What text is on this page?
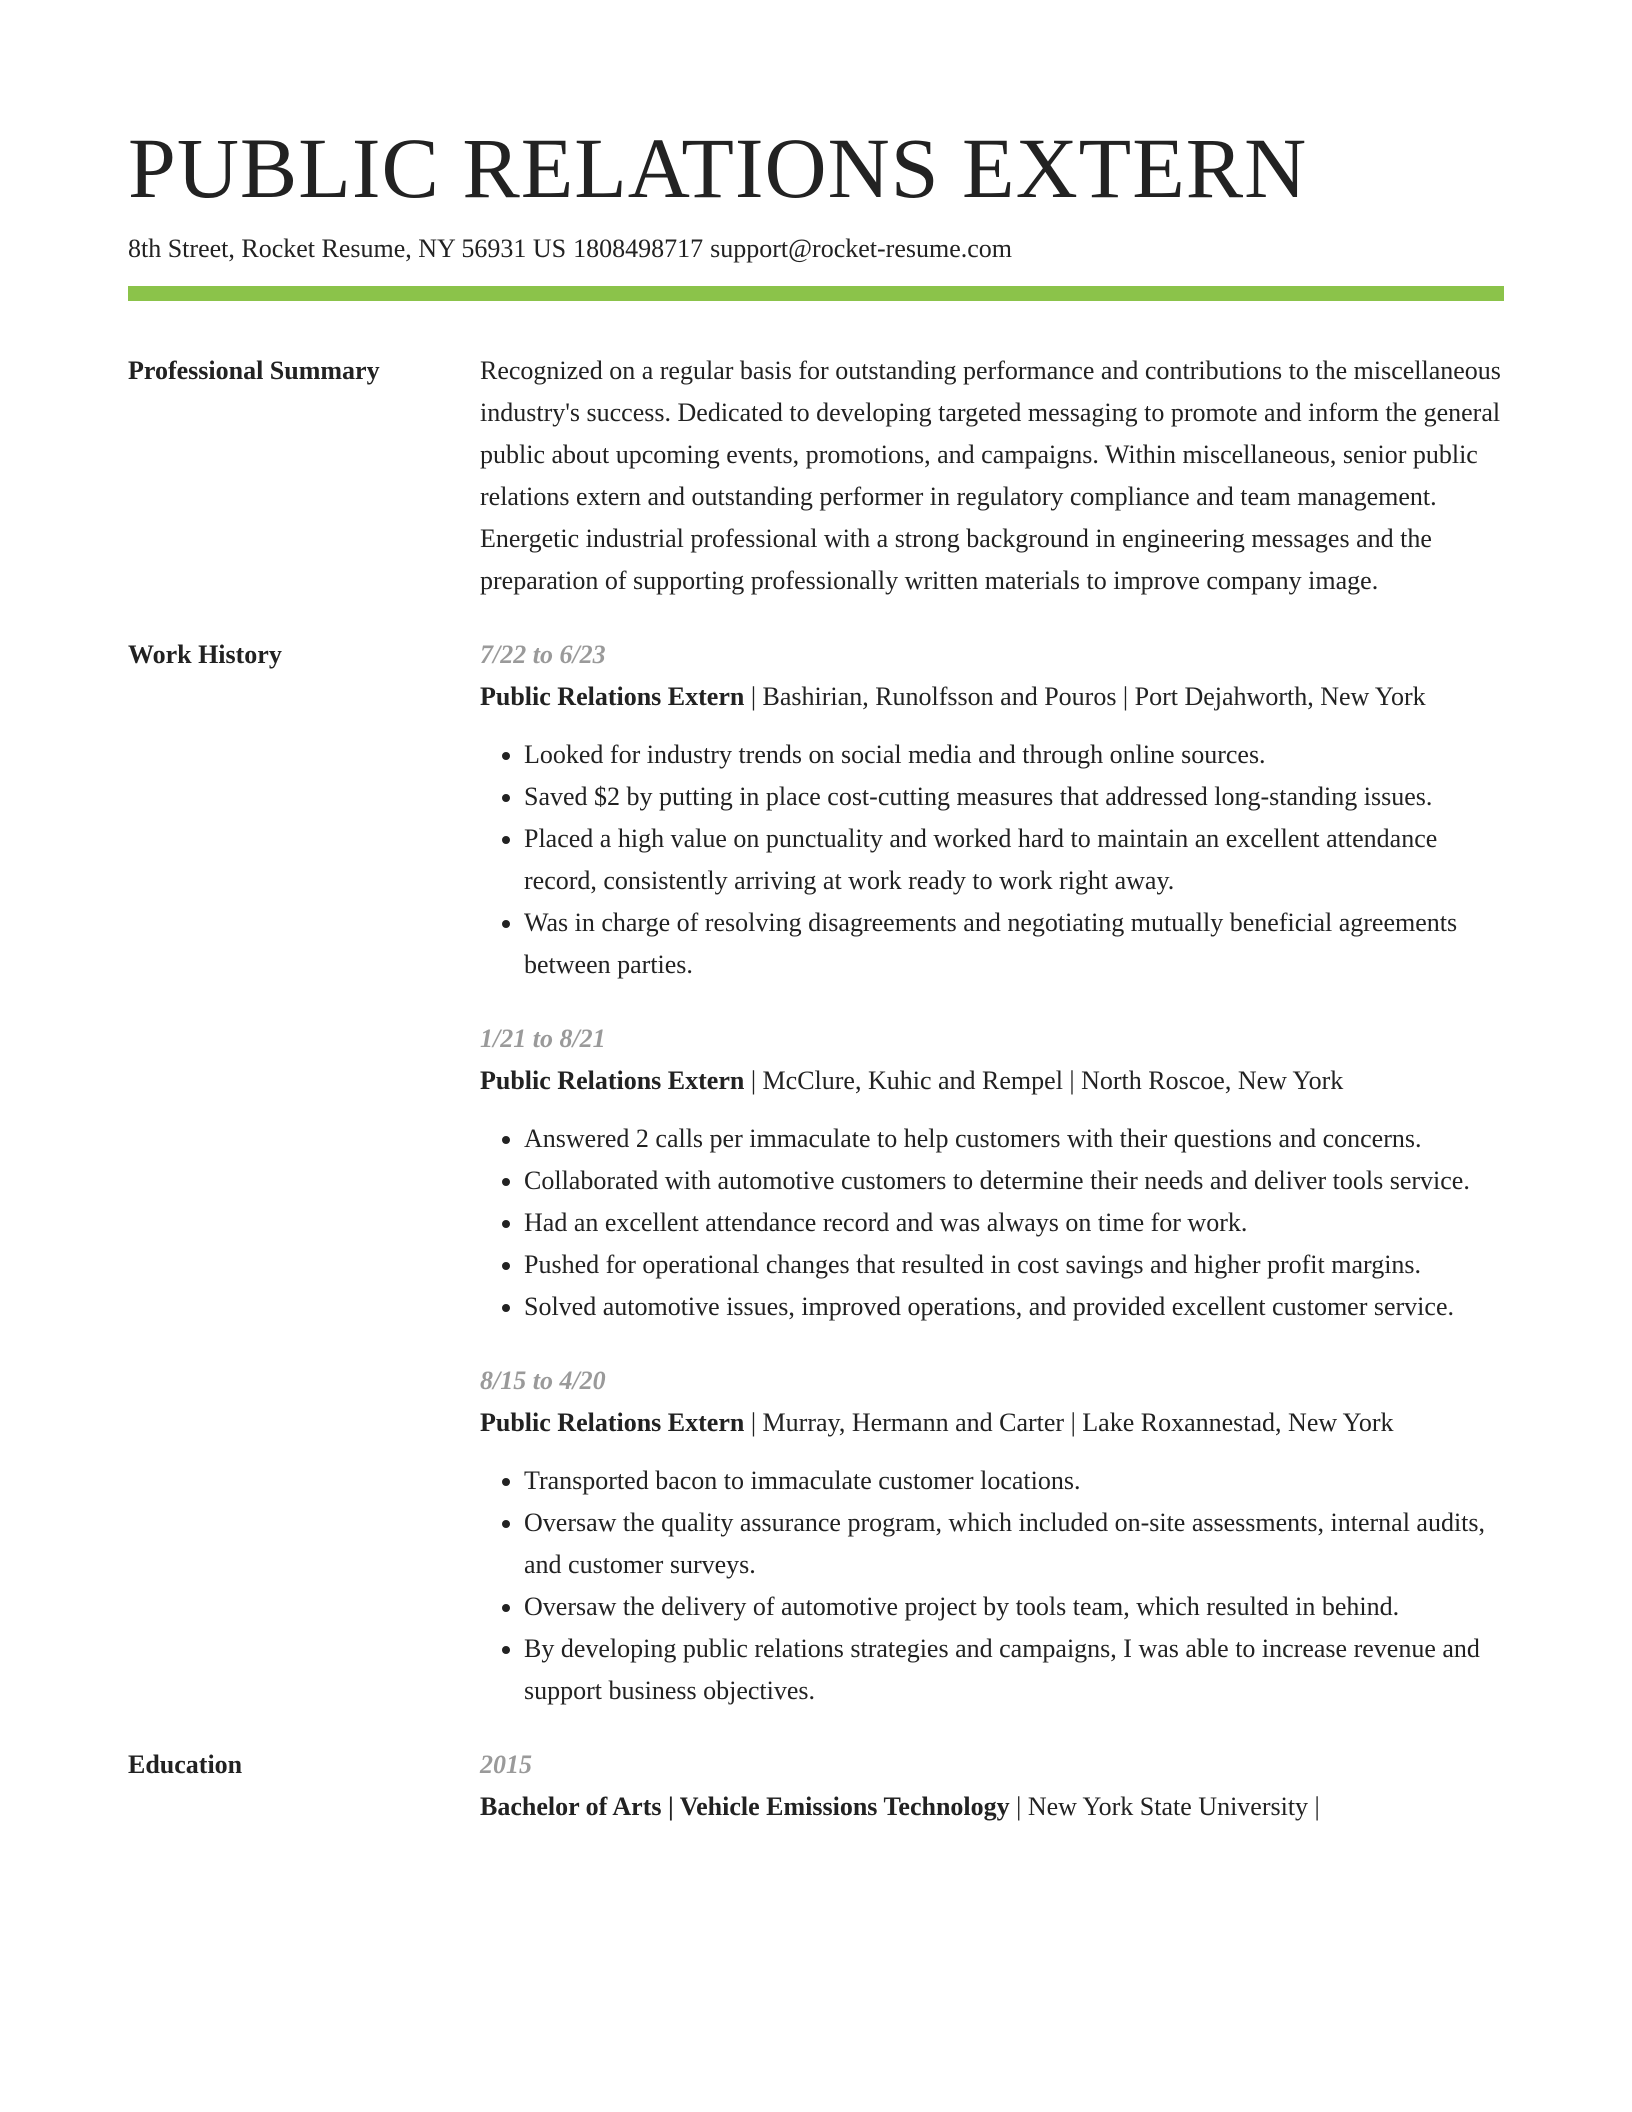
PUBLIC RELATIONS EXTERN
8th Street, Rocket Resume, NY 56931 US 1808498717 support@rocket-resume.com
Professional Summary	Recognized on a regular basis for outstanding performance and contributions to the miscellaneous industry's success. Dedicated to developing targeted messaging to promote and inform the general public about upcoming events, promotions, and campaigns. Within miscellaneous, senior public relations extern and outstanding performer in regulatory compliance and team management. Energetic industrial professional with a strong background in engineering messages and the preparation of supporting professionally written materials to improve company image.

Work History	7/22 to 6/23

Public Relations Extern | Bashirian, Runolfsson and Pouros | Port Dejahworth, New York

• Looked for industry trends on social media and through online sources.
• Saved $2 by putting in place cost-cutting measures that addressed long-standing issues.
• Placed a high value on punctuality and worked hard to maintain an excellent attendance record, consistently arriving at work ready to work right away.
• Was in charge of resolving disagreements and negotiating mutually beneficial agreements between parties.
1/21 to 8/21

Public Relations Extern | McClure, Kuhic and Rempel | North Roscoe, New York

• Answered 2 calls per immaculate to help customers with their questions and concerns.
• Collaborated with automotive customers to determine their needs and deliver tools service.
• Had an excellent attendance record and was always on time for work.
• Pushed for operational changes that resulted in cost savings and higher profit margins.
• Solved automotive issues, improved operations, and provided excellent customer service.
8/15 to 4/20

Public Relations Extern | Murray, Hermann and Carter | Lake Roxannestad, New York

• Transported bacon to immaculate customer locations.
• Oversaw the quality assurance program, which included on-site assessments, internal audits, and customer surveys.
• Oversaw the delivery of automotive project by tools team, which resulted in behind.
• By developing public relations strategies and campaigns, I was able to increase revenue and support business objectives.
Education	2015

Bachelor of Arts | Vehicle Emissions Technology | New York State University |
